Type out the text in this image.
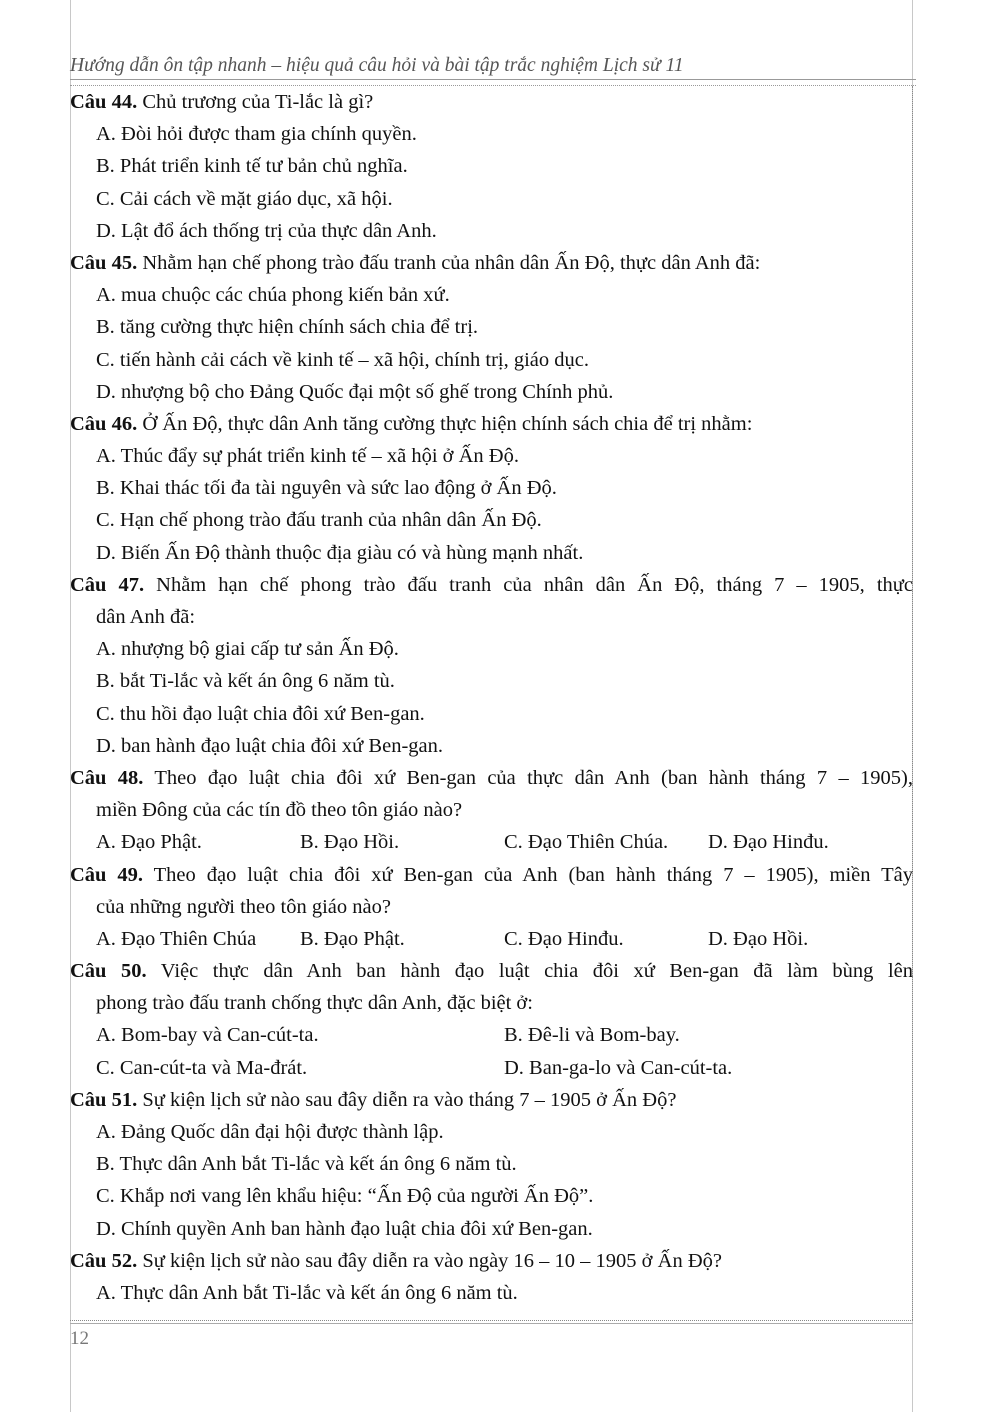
Hướng dẫn ôn tập nhanh – hiệu quả câu hỏi và bài tập trắc nghiệm Lịch sử 11
Câu 44. Chủ trương của Ti-lắc là gì?
A. Đòi hỏi được tham gia chính quyền.
B. Phát triển kinh tế tư bản chủ nghĩa.
C. Cải cách về mặt giáo dục, xã hội.
D. Lật đổ ách thống trị của thực dân Anh.
Câu 45. Nhằm hạn chế phong trào đấu tranh của nhân dân Ấn Độ, thực dân Anh đã:
A. mua chuộc các chúa phong kiến bản xứ.
B. tăng cường thực hiện chính sách chia để trị.
C. tiến hành cải cách về kinh tế – xã hội, chính trị, giáo dục.
D. nhượng bộ cho Đảng Quốc đại một số ghế trong Chính phủ.
Câu 46. Ở Ấn Độ, thực dân Anh tăng cường thực hiện chính sách chia để trị nhằm:
A. Thúc đẩy sự phát triển kinh tế – xã hội ở Ấn Độ.
B. Khai thác tối đa tài nguyên và sức lao động ở Ấn Độ.
C. Hạn chế phong trào đấu tranh của nhân dân Ấn Độ.
D. Biến Ấn Độ thành thuộc địa giàu có và hùng mạnh nhất.
Câu 47. Nhằm hạn chế phong trào đấu tranh của nhân dân Ấn Độ, tháng 7 – 1905, thực
dân Anh đã:
A. nhượng bộ giai cấp tư sản Ấn Độ.
B. bắt Ti-lắc và kết án ông 6 năm tù.
C. thu hồi đạo luật chia đôi xứ Ben-gan.
D. ban hành đạo luật chia đôi xứ Ben-gan.
Câu 48. Theo đạo luật chia đôi xứ Ben-gan của thực dân Anh (ban hành tháng 7 – 1905),
miền Đông của các tín đồ theo tôn giáo nào?
A. Đạo Phật.	B. Đạo Hồi.	C. Đạo Thiên Chúa.	D. Đạo Hinđu.
Câu 49. Theo đạo luật chia đôi xứ Ben-gan của Anh (ban hành tháng 7 – 1905), miền Tây
của những người theo tôn giáo nào?
A. Đạo Thiên Chúa	B. Đạo Phật.	C. Đạo Hinđu.	D. Đạo Hồi.
Câu 50. Việc thực dân Anh ban hành đạo luật chia đôi xứ Ben-gan đã làm bùng lên
phong trào đấu tranh chống thực dân Anh, đặc biệt ở:
A. Bom-bay và Can-cút-ta.	B. Đê-li và Bom-bay.
C. Can-cút-ta và Ma-đrát.	D. Ban-ga-lo và Can-cút-ta.
Câu 51. Sự kiện lịch sử nào sau đây diễn ra vào tháng 7 – 1905 ở Ấn Độ?
A. Đảng Quốc dân đại hội được thành lập.
B. Thực dân Anh bắt Ti-lắc và kết án ông 6 năm tù.
C. Khắp nơi vang lên khẩu hiệu: “Ấn Độ của người Ấn Độ”.
D. Chính quyền Anh ban hành đạo luật chia đôi xứ Ben-gan.
Câu 52. Sự kiện lịch sử nào sau đây diễn ra vào ngày 16 – 10 – 1905 ở Ấn Độ?
A. Thực dân Anh bắt Ti-lắc và kết án ông 6 năm tù.
12
